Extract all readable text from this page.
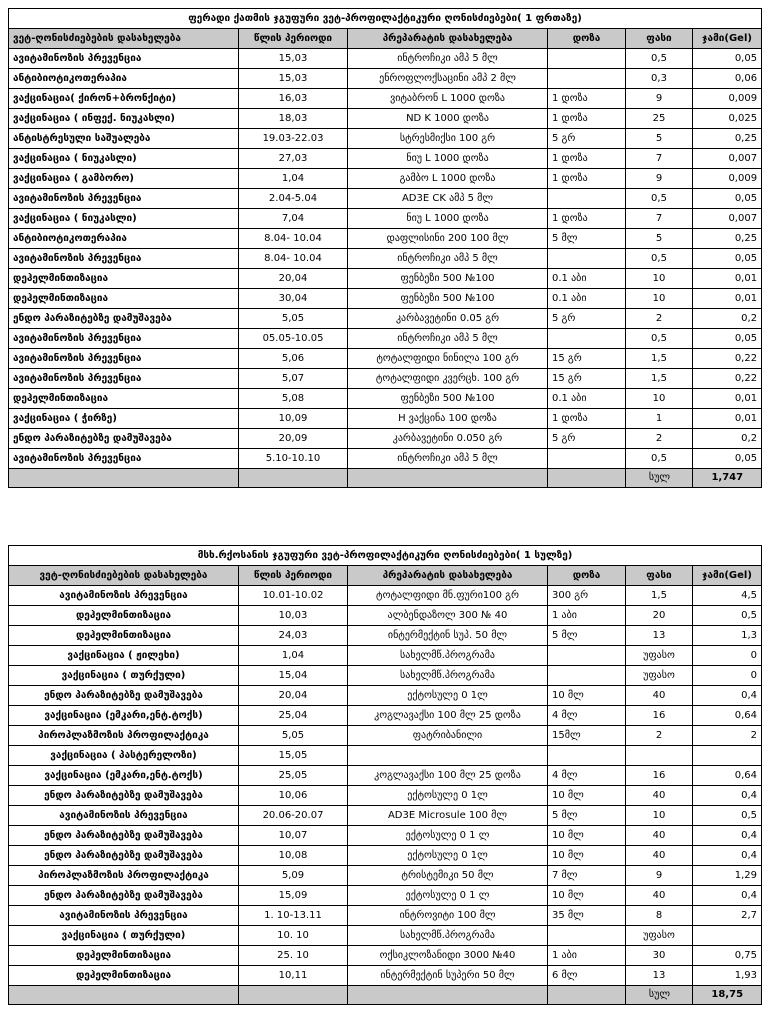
ფერადი ქათმის ჯგუფური ვეტ-პროფილაქტიკური ღონისძიებები( 1 ფრთაზე)					
ვეტ-ღონისძიებების დასახელება	წლის პერიოდი	პრეპარატის დასახელება	დოზა	ფასი	ჯამი(Gel)
ავიტამინოზის პრევენცია	15,03	ინტროჩიკი ამპ 5 მლ		0,5	0,05
ანტიბიოტიკოთერაპია	15,03	ენროფლოქსაცინი ამპ 2 მლ		0,3	0,06
ვაქცინაცია( ქირონ+ბრონქიტი)	16,03	ვიტაბრონ L 1000 დოზა	1 დოზა	9	0,009
ვაქცინაცია ( ინფექ. ნიუკასლი)	18,03	ND K 1000 დოზა	1 დოზა	25	0,025
ანტისტრესული საშუალება	19.03-22.03	სტრესმიქსი 100 გრ	5 გრ	5	0,25
ვაქცინაცია ( ნიუკასლი)	27,03	ნიუ L 1000 დოზა	1 დოზა	7	0,007
ვაქცინაცია ( გამბორო)	1,04	გამბო L 1000 დოზა	1 დოზა	9	0,009
ავიტამინოზის პრევენცია	2.04-5.04	AD3E CK ამპ 5 მლ		0,5	0,05
ვაქცინაცია ( ნიუკასლი)	7,04	ნიუ L 1000 დოზა	1 დოზა	7	0,007
ანტიბიოტიკოთერაპია	8.04- 10.04	დაფლისინი 200 100 მლ	5 მლ	5	0,25
ავიტამინოზის პრევენცია	8.04- 10.04	ინტროჩიკი ამპ 5 მლ		0,5	0,05
დეჰელმინთიზაცია	20,04	ფენბეზი 500 №100	0.1 აბი	10	0,01
დეჰელმინთიზაცია	30,04	ფენბეზი 500 №100	0.1 აბი	10	0,01
ენდო პარაზიტებზე დამუშავება	5,05	კარბავეტინი 0.05 გრ	5 გრ	2	0,2
ავიტამინოზის პრევენცია	05.05-10.05	ინტროჩიკი ამპ 5 მლ		0,5	0,05
ავიტამინოზის პრევენცია	5,06	ტოტალფიდი ნინილა 100 გრ	15 გრ	1,5	0,22
ავიტამინოზის პრევენცია	5,07	ტოტალფიდი კვერცხ. 100 გრ	15 გრ	1,5	0,22
დეჰელმინთიზაცია	5,08	ფენბეზი 500 №100	0.1 აბი	10	0,01
ვაქცინაცია ( ჭირზე)	10,09	H ვაქცინა 100 დოზა	1 დოზა	1	0,01
ენდო პარაზიტებზე დამუშავება	20,09	კარბავეტინი 0.050 გრ	5 გრ	2	0,2
ავიტამინოზის პრევენცია	5.10-10.10	ინტროჩიკი ამპ 5 მლ		0,5	0,05
				სულ	1,747
მსხ.რქოსანის ჯგუფური ვეტ-პროფილაქტიკური ღონისძიებები( 1 სულზე)					
ვეტ-ღონისძიებების დასახელება	წლის პერიოდი	პრეპარატის დასახელება	დოზა	ფასი	ჯამი(Gel)
ავიტამინოზის პრევენცია	10.01-10.02	ტოტალფიდი მნ.ფური100 გრ	300 გრ	1,5	4,5
დეჰელმინთიზაცია	10,03	ალბენდაზოლ 300 № 40	1 აბი	20	0,5
დეჰელმინთიზაცია	24,03	ინტერმექტინ სუპ. 50 მლ	5 მლ	13	1,3
ვაქცინაცია ( ჟილეხი)	1,04	სახელმწ.პროგრამა		უფასო	0
ვაქცინაცია ( თურქული)	15,04	სახელმწ.პროგრამა		უფასო	0
ენდო პარაზიტებზე დამუშავება	20,04	ექტოსულე 0 1ლ	10 მლ	40	0,4
ვაქცინაცია (ემკარი,ენტ.ტოქს)	25,04	კოგლავაქსი 100 მლ 25 დოზა	4 მლ	16	0,64
პიროპლაზმოზის პროფილაქტიკა	5,05	ფატრიბანილი	15მლ	2	2
ვაქცინაცია ( პასტერელოზი)	15,05				
ვაქცინაცია (ემკარი,ენტ.ტოქს)	25,05	კოგლავაქსი 100 მლ 25 დოზა	4 მლ	16	0,64
ენდო პარაზიტებზე დამუშავება	10,06	ექტოსულე 0 1ლ	10 მლ	40	0,4
ავიტამინოზის პრევენცია	20.06-20.07	AD3E Microsule 100 მლ	5 მლ	10	0,5
ენდო პარაზიტებზე დამუშავება	10,07	ექტოსულე 0 1 ლ	10 მლ	40	0,4
ენდო პარაზიტებზე დამუშავება	10,08	ექტოსულე 0 1ლ	10 მლ	40	0,4
პიროპლაზმოზის პროფილაქტიკა	5,09	ტრისტემიკი 50 მლ	7 მლ	9	1,29
ენდო პარაზიტებზე დამუშავება	15,09	ექტოსულე 0 1 ლ	10 მლ	40	0,4
ავიტამინოზის პრევენცია	1. 10-13.11	ინტროვიტი 100 მლ	35 მლ	8	2,7
ვაქცინაცია ( თურქული)	10. 10	სახელმწ.პროგრამა		უფასო	
დეჰელმინთიზაცია	25. 10	ოქსიკლოზანიდი 3000 №40	1 აბი	30	0,75
დეჰელმინთიზაცია	10,11	ინტერმექტინ სუპერი 50 მლ	6 მლ	13	1,93
				სულ	18,75
